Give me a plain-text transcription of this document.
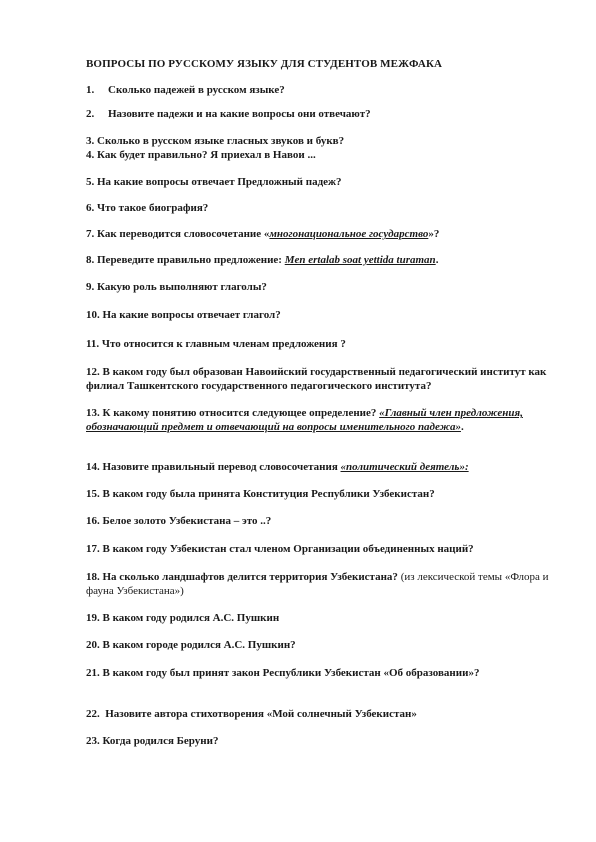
ВОПРОСЫ ПО РУССКОМУ ЯЗЫКУ ДЛЯ СТУДЕНТОВ МЕЖФАКА
1. Сколько падежей в русском языке?
2. Назовите падежи и на какие вопросы они отвечают?
3. Сколько в русском языке гласных звуков и букв?
4. Как будет правильно? Я приехал в Навои ...
5. На какие вопросы отвечает Предложный падеж?
6. Что такое биография?
7. Как переводится словосочетание «многонациональное государство»?
8. Переведите правильно предложение: Men ertalab soat yettida turaman.
9. Какую роль выполняют глаголы?
10. На какие вопросы отвечает глагол?
11. Что относится к главным членам предложения ?
12. В каком году был образован Навоийский государственный педагогический институт как филиал Ташкентского государственного педагогического института?
13. К какому понятию относится следующее определение? «Главный член предложения, обозначающий предмет и отвечающий на вопросы именительного падежа».
14. Назовите правильный перевод словосочетания «политический деятель»:
15. В каком году была принята Конституция Республики Узбекистан?
16. Белое золото Узбекистана – это ..?
17. В каком году Узбекистан стал членом Организации объединенных наций?
18. На сколько ландшафтов делится территория Узбекистана? (из лексической темы «Флора и фауна Узбекистана»)
19. В каком году родился А.С. Пушкин
20. В каком городе родился А.С. Пушкин?
21. В каком году был принят закон Республики Узбекистан «Об образовании»?
22. Назовите автора стихотворения «Мой солнечный Узбекистан»
23. Когда родился Беруни?
